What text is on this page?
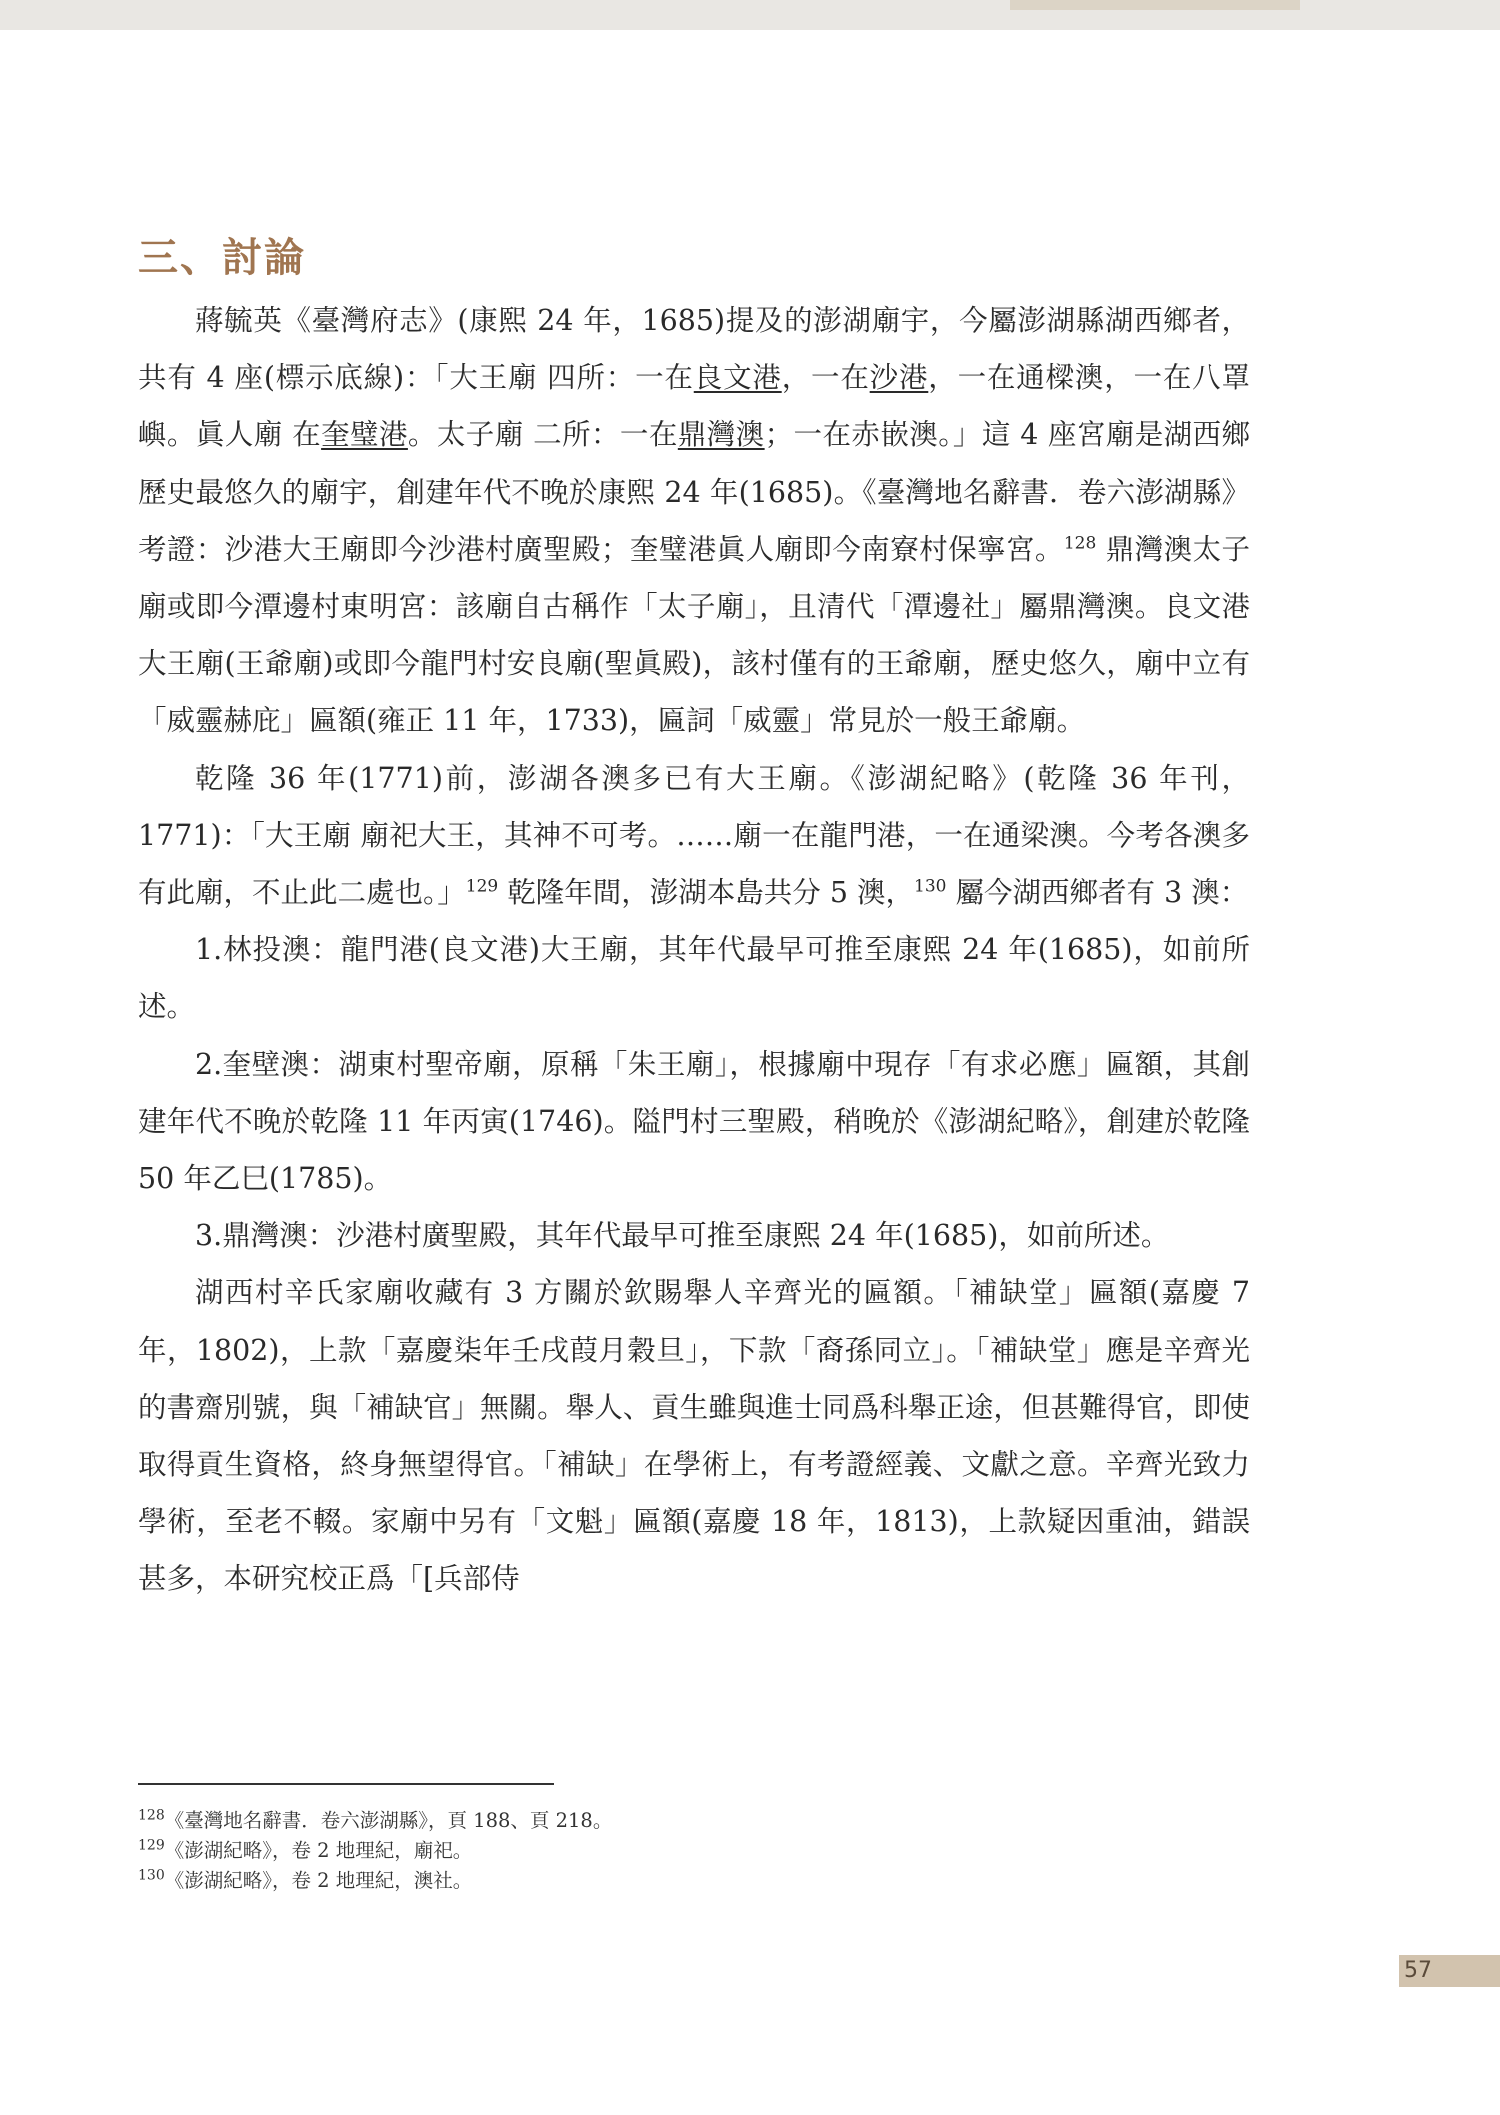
三、討論

蔣毓英《臺灣府志》(康熙 24 年，1685)提及的澎湖廟宇，今屬澎湖縣湖西鄉者，共有 4 座(標示底線)：「大王廟 四所：一在良文港，一在沙港，一在通樑澳，一在八罩嶼。眞人廟 在奎璧港。太子廟 二所：一在鼎灣澳；一在赤嵌澳。」這 4 座宮廟是湖西鄉歷史最悠久的廟宇，創建年代不晚於康熙 24 年(1685)。《臺灣地名辭書．卷六澎湖縣》考證：沙港大王廟即今沙港村廣聖殿；奎璧港眞人廟即今南寮村保寧宮。$^{128}$ 鼎灣澳太子廟或即今潭邊村東明宮：該廟自古稱作「太子廟」，且清代「潭邊社」屬鼎灣澳。良文港大王廟(王爺廟)或即今龍門村安良廟(聖眞殿)，該村僅有的王爺廟，歷史悠久，廟中立有「威靈赫庇」匾額(雍正 11 年，1733)，匾詞「威靈」常見於一般王爺廟。

乾隆 36 年(1771)前，澎湖各澳多已有大王廟。《澎湖紀略》(乾隆 36 年刊，1771)：「大王廟 廟祀大王，其神不可考。……廟一在龍門港，一在通梁澳。今考各澳多有此廟，不止此二處也。」$^{129}$ 乾隆年間，澎湖本島共分 5 澳，$^{130}$ 屬今湖西鄉者有 3 澳：

1.林投澳：龍門港(良文港)大王廟，其年代最早可推至康熙 24 年(1685)，如前所述。

2.奎壁澳：湖東村聖帝廟，原稱「朱王廟」，根據廟中現存「有求必應」匾額，其創建年代不晚於乾隆 11 年丙寅(1746)。隘門村三聖殿，稍晚於《澎湖紀略》，創建於乾隆 50 年乙巳(1785)。

3.鼎灣澳：沙港村廣聖殿，其年代最早可推至康熙 24 年(1685)，如前所述。

湖西村辛氏家廟收藏有 3 方關於欽賜舉人辛齊光的匾額。「補缺堂」匾額(嘉慶 7 年，1802)，上款「嘉慶柒年壬戌葭月穀旦」，下款「裔孫同立」。「補缺堂」應是辛齊光的書齋別號，與「補缺官」無關。舉人、貢生雖與進士同爲科舉正途，但甚難得官，即使取得貢生資格，終身無望得官。「補缺」在學術上，有考證經義、文獻之意。辛齊光致力學術，至老不輟。家廟中另有「文魁」匾額(嘉慶 18 年，1813)，上款疑因重油，錯誤甚多，本研究校正爲「[兵部侍

$^{128}$《臺灣地名辭書．卷六澎湖縣》，頁 188、頁 218。
$^{129}$《澎湖紀略》，卷 2 地理紀，廟祀。
$^{130}$《澎湖紀略》，卷 2 地理紀，澳社。
57
